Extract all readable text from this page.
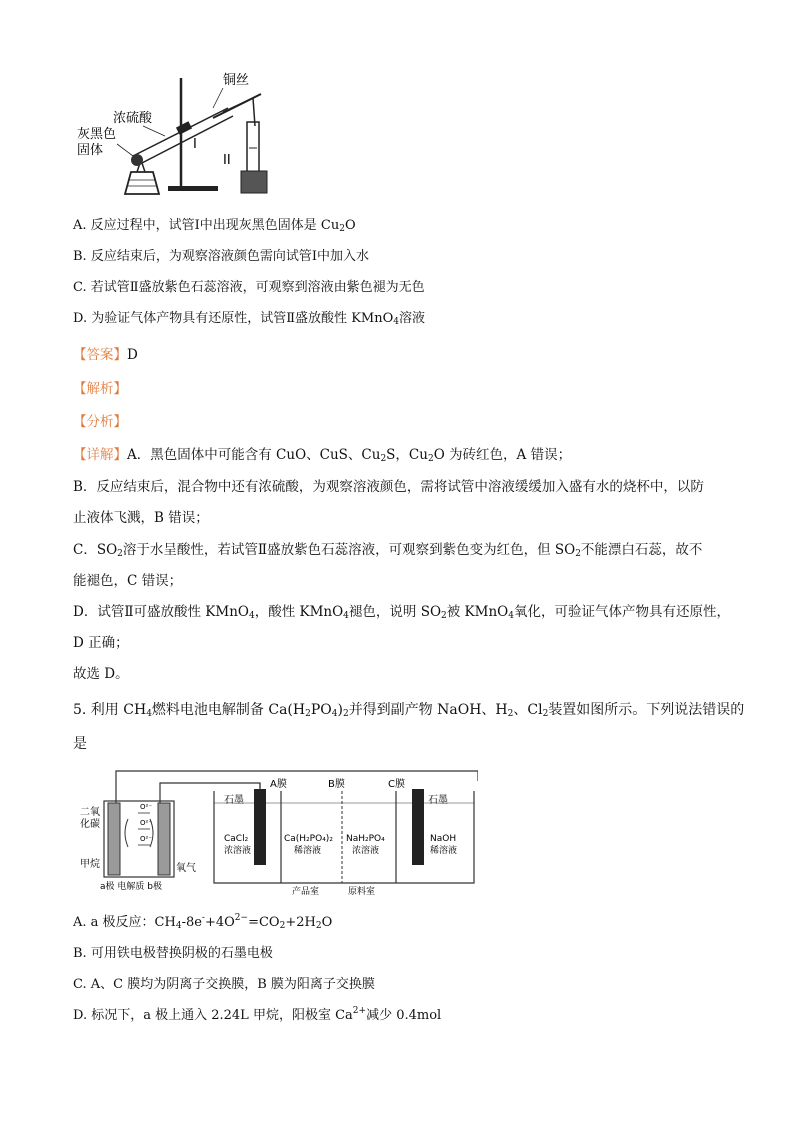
铜丝
浓硫酸
灰黑色
固体	I
II
A. 反应过程中，试管Ⅰ中出现灰黑色固体是 $Cu_2O$
B. 反应结束后，为观察溶液颜色需向试管Ⅰ中加入水
C. 若试管Ⅱ盛放紫色石蕊溶液，可观察到溶液由紫色褪为无色
D. 为验证气体产物具有还原性，试管Ⅱ盛放酸性 KMnO$_4$溶液
【答案】D
【解析】
【分析】
【详解】A．黑色固体中可能含有 CuO、CuS、$Cu_2S$，$Cu_2O$ 为砖红色，A 错误；
B．反应结束后，混合物中还有浓硫酸，为观察溶液颜色，需将试管中溶液缓缓加入盛有水的烧杯中，以防
止液体飞溅，B 错误；
C．$SO_2$溶于水呈酸性，若试管Ⅱ盛放紫色石蕊溶液，可观察到紫色变为红色，但 $SO_2$不能漂白石蕊，故不
能褪色，C 错误；
D．试管Ⅱ可盛放酸性 KMnO$_4$，酸性 KMnO$_4$褪色，说明 $SO_2$被 KMnO$_4$氧化，可验证气体产物具有还原性，
D 正确；
故选 D。
5. 利用 $CH_4$燃料电池电解制备 $Ca(H_2PO_4)_2$并得到副产物 NaOH、$H_2$、$Cl_2$装置如图所示。下列说法错误的
是
O²⁻
O²⁻
O²⁻
二氧
化碳
甲烷	氧气
a极 电解质 b极
石墨	石墨
A膜	B膜	C膜
CaCl₂
浓溶液
Ca(H₂PO₄)₂
稀溶液
NaH₂PO₄
浓溶液
NaOH
稀溶液
产品室	原料室
A. a 极反应：$CH_4-8e^-+4O^{2-}=CO_2+2H_2O$
B. 可用铁电极替换阴极的石墨电极
C. A、C 膜均为阴离子交换膜，B 膜为阳离子交换膜
D. 标况下，a 极上通入 2.24L 甲烷，阳极室 $Ca^{2+}$减少 0.4mol
